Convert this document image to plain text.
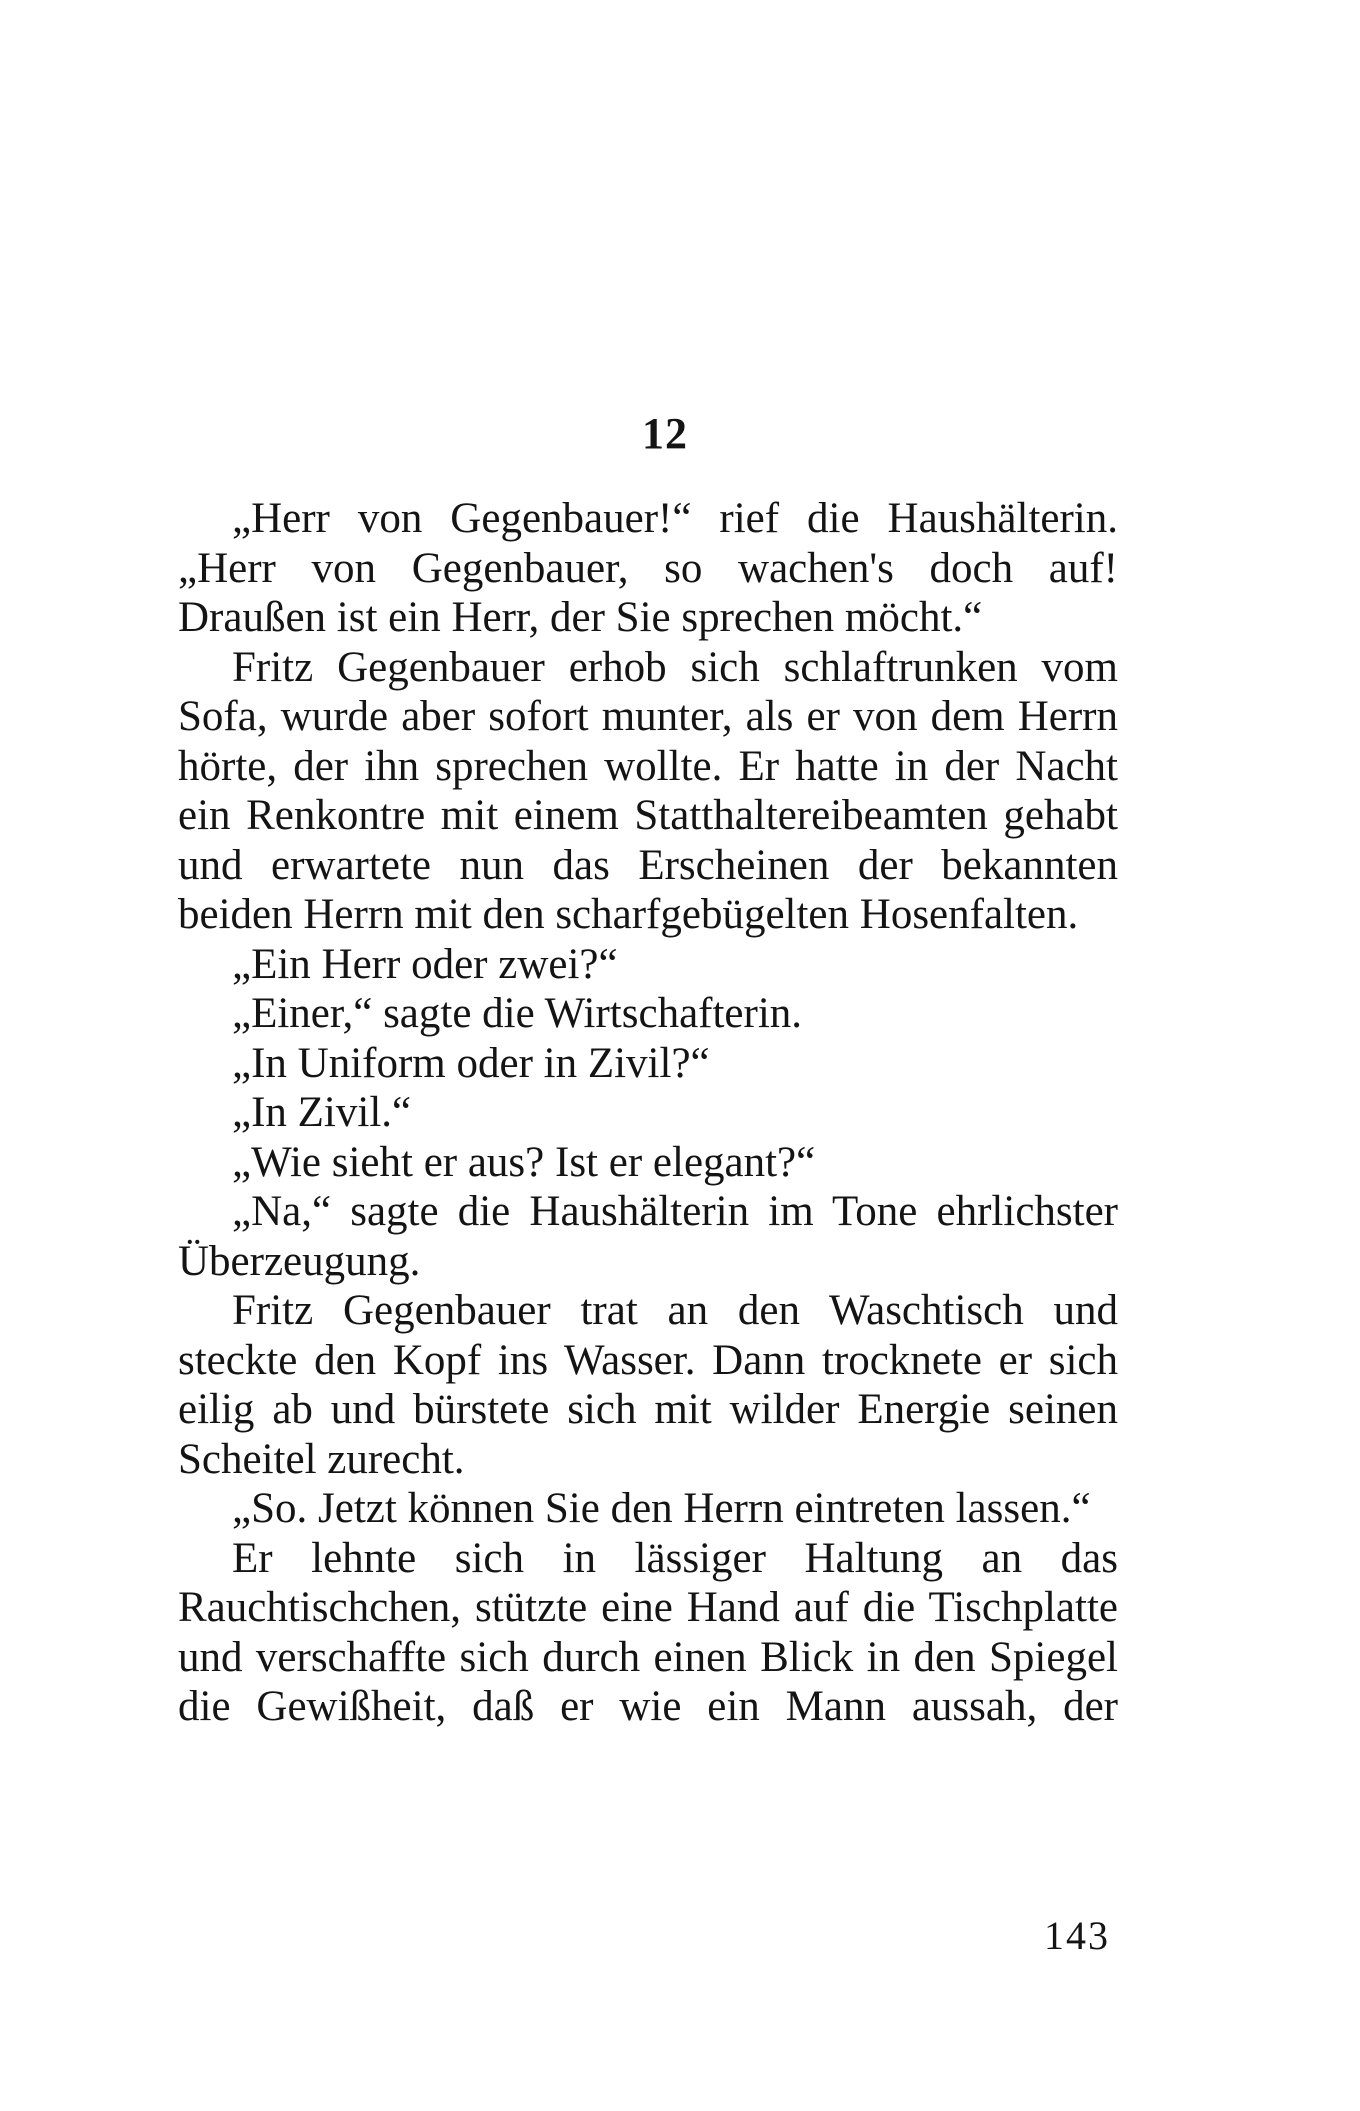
12

„Herr von Gegenbauer!“ rief die Haushälterin. „Herr von Gegenbauer, so wachen's doch auf! Draußen ist ein Herr, der Sie sprechen möcht.“

Fritz Gegenbauer erhob sich schlaftrunken vom Sofa, wurde aber sofort munter, als er von dem Herrn hörte, der ihn sprechen wollte. Er hatte in der Nacht ein Renkontre mit einem Statthaltereibeamten gehabt und erwartete nun das Erscheinen der bekannten beiden Herrn mit den scharfgebügelten Hosenfalten.

„Ein Herr oder zwei?“

„Einer,“ sagte die Wirtschafterin.

„In Uniform oder in Zivil?“

„In Zivil.“

„Wie sieht er aus? Ist er elegant?“

„Na,“ sagte die Haushälterin im Tone ehrlichster Überzeugung.

Fritz Gegenbauer trat an den Waschtisch und steckte den Kopf ins Wasser. Dann trocknete er sich eilig ab und bürstete sich mit wilder Energie seinen Scheitel zurecht.

„So. Jetzt können Sie den Herrn eintreten lassen.“

Er lehnte sich in lässiger Haltung an das Rauchtischchen, stützte eine Hand auf die Tischplatte und verschaffte sich durch einen Blick in den Spiegel die Gewißheit, daß er wie ein Mann aussah, der

143
